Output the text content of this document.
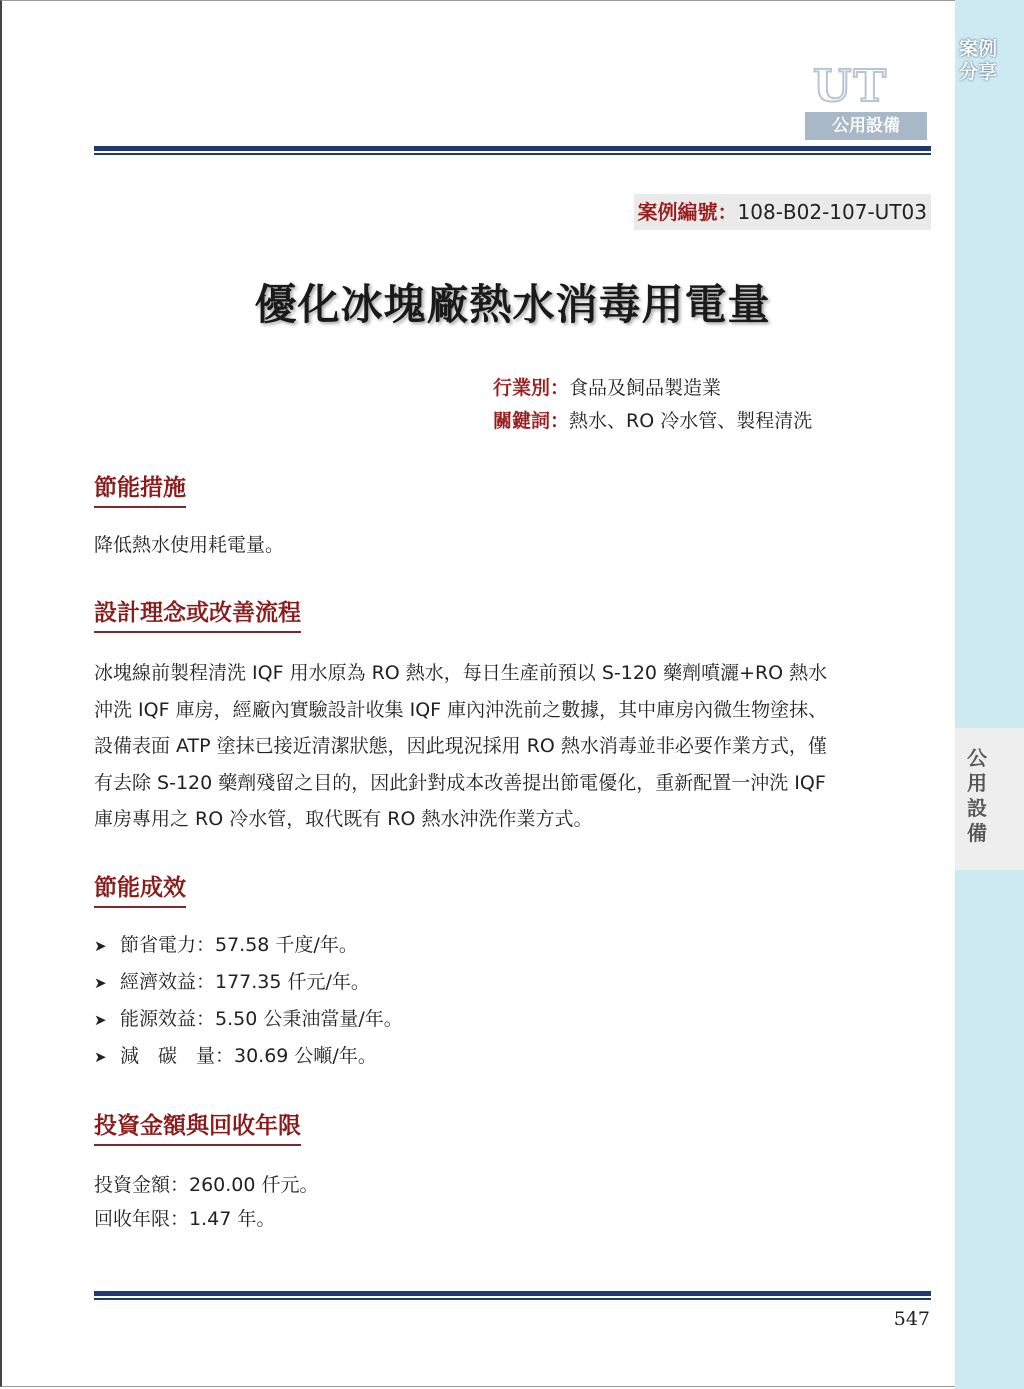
案例分享
公用設備
UT
公用設備
案例編號：108-B02-107-UT03
優化冰塊廠熱水消毒用電量
行業別：食品及飼品製造業
關鍵詞：熱水、RO 冷水管、製程清洗
節能措施

降低熱水使用耗電量。

設計理念或改善流程

冰塊線前製程清洗 IQF 用水原為 RO 熱水，每日生產前預以 S-120 藥劑噴灑+RO 熱水

沖洗 IQF 庫房，經廠內實驗設計收集 IQF 庫內沖洗前之數據，其中庫房內微生物塗抹、

設備表面 ATP 塗抹已接近清潔狀態，因此現況採用 RO 熱水消毒並非必要作業方式，僅

有去除 S-120 藥劑殘留之目的，因此針對成本改善提出節電優化，重新配置一沖洗 IQF

庫房專用之 RO 冷水管，取代既有 RO 熱水沖洗作業方式。

節能成效
➤ 節省電力：57.58 千度/年。
➤ 經濟效益：177.35 仟元/年。
➤ 能源效益：5.50 公秉油當量/年。
➤ 減　碳　量：30.69 公噸/年。
投資金額與回收年限

投資金額：260.00 仟元。

回收年限：1.47 年。

547
